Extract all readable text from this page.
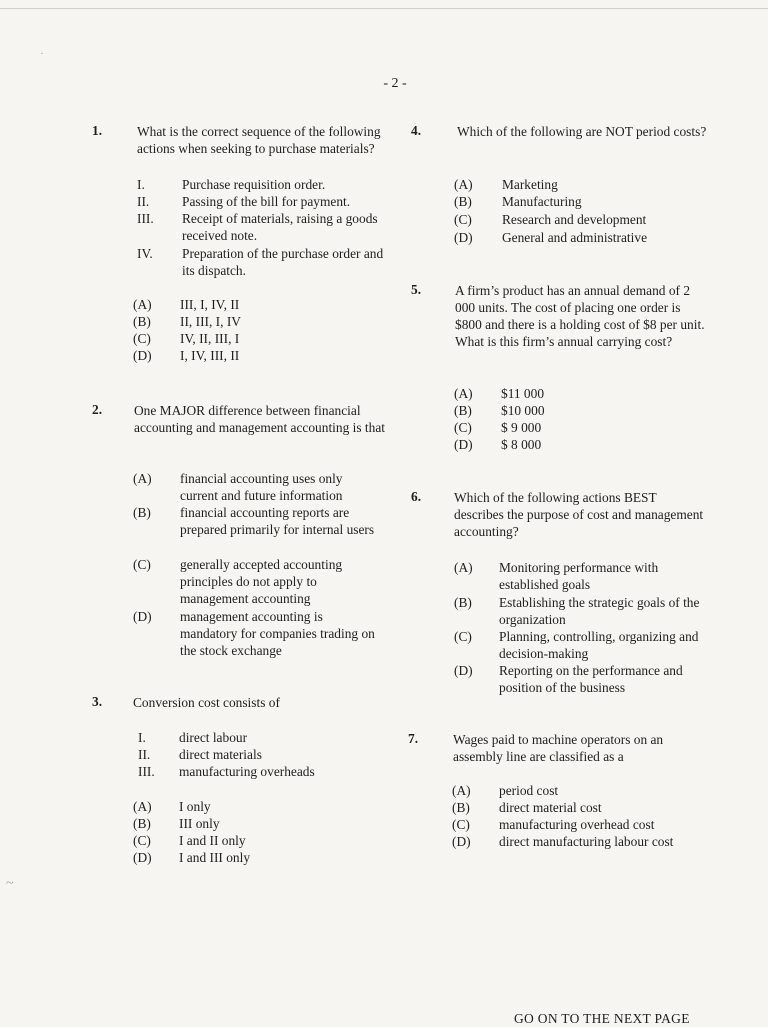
·
~
- 2 -
1.	What is the correct sequence of the following actions when seeking to purchase materials?
I.	Purchase requisition order.
II. Passing of the bill for payment.
III. Receipt of materials, raising a goods received note.
IV. Preparation of the purchase order and its dispatch.
(A) III, I, IV, II
(B) II, III, I, IV
(C) IV, II, III, I
(D) I, IV, III, II
2. One MAJOR difference between financial accounting and management accounting is that
(A) financial accounting uses only current and future information
(B) financial accounting reports are prepared primarily for internal users
(C) generally accepted accounting principles do not apply to management accounting
(D) management accounting is mandatory for companies trading on the stock exchange
3. Conversion cost consists of
I. direct labour
II. direct materials
III. manufacturing overheads
(A) I only
(B) III only
(C) I and II only
(D) I and III only
4.	Which of the following are NOT period costs?
(A) Marketing
(B) Manufacturing
(C) Research and development
(D) General and administrative
5.	A firm’s product has an annual demand of 2 000 units. The cost of placing one order is $800 and there is a holding cost of $8 per unit. What is this firm’s annual carrying cost?
(A) $11 000
(B) $10 000
(C) $ 9 000
(D) $ 8 000
6. Which of the following actions BEST describes the purpose of cost and management accounting?
(A) Monitoring performance with established goals
(B) Establishing the strategic goals of the organization
(C) Planning, controlling, organizing and decision-making
(D) Reporting on the performance and position of the business
7.	Wages paid to machine operators on an assembly line are classified as a
(A) period cost
(B) direct material cost
(C) manufacturing overhead cost
(D) direct manufacturing labour cost
GO ON TO THE NEXT PAGE
